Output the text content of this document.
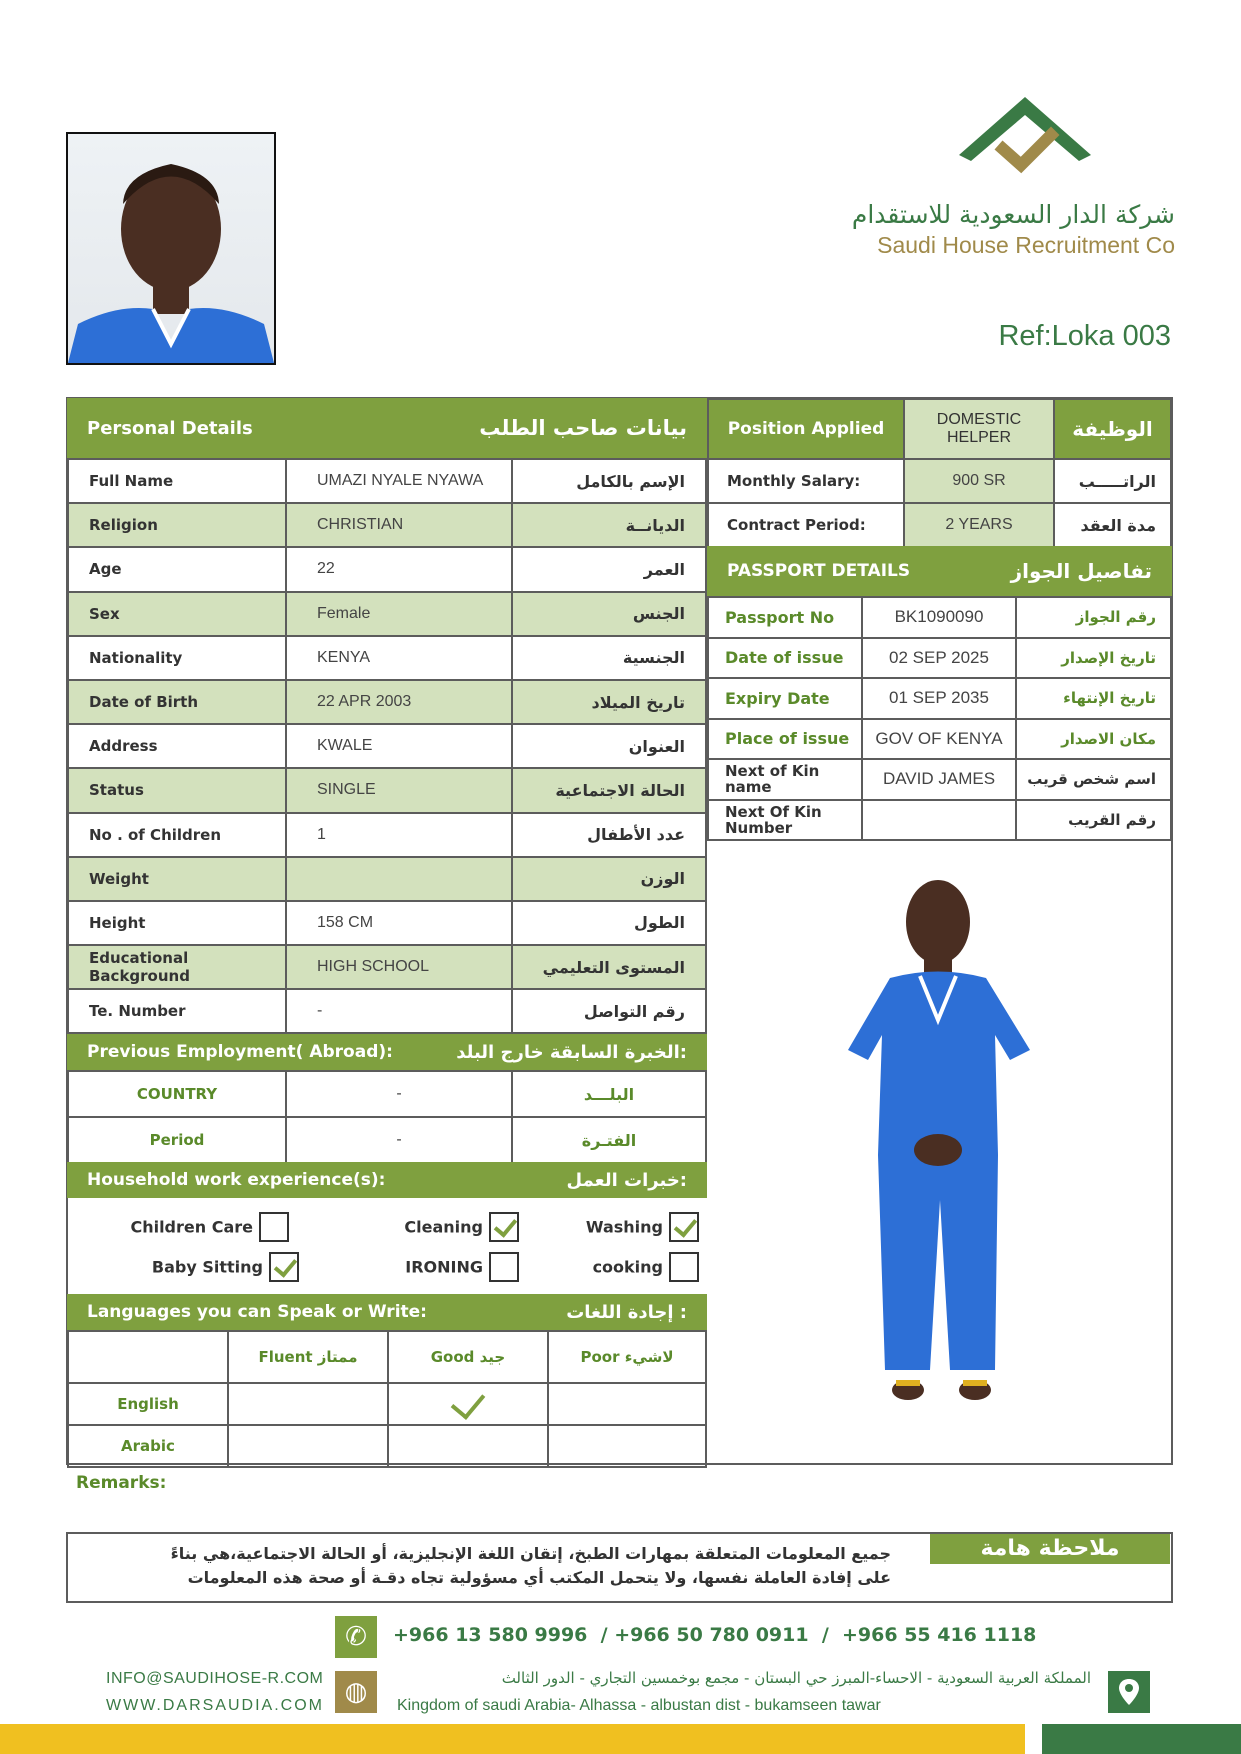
شركة الدار السعودية للاستقدام
Saudi House Recruitment Co
Ref:Loka 003
Personal Details	بيانات صاحب الطلب
Full Name	UMAZI NYALE NYAWA	الإسم بالكامل
Religion	CHRISTIAN	الديانــة
Age	22	العمر
Sex	Female	الجنس
Nationality	KENYA	الجنسية
Date of Birth	22 APR 2003	تاريخ الميلاد
Address	KWALE	العنوان
Status	SINGLE	الحالة الاجتماعية
No . of Children	1	عدد الأطفال
Weight		الوزن
Height	158 CM	الطول
Educational Background	HIGH SCHOOL	المستوى التعليمي
Te. Number	-	رقم التواصل
Position Applied	DOMESTIC HELPER	الوظيفة
Monthly Salary:	900 SR	الراتـــــب
Contract Period:	2 YEARS	مدة العقد
PASSPORT DETAILS	تفاصيل الجواز
Passport No	BK1090090	رقم الجواز
Date of issue	02 SEP 2025	تاريخ الإصدار
Expiry Date	01 SEP 2035	تاريخ الإنتهاء
Place of issue	GOV OF KENYA	مكان الاصدار
Next of Kin name	DAVID JAMES	اسم شخص قريب
Next Of Kin Number		رقم القريب
Previous Employment( Abroad):	الخبرة السابقة خارج البلد:
COUNTRY	-	البلـــد
Period	-	الفتـرة
Household work experience(s):	خبرات العمل:
Children Care	Cleaning	Washing
Baby Sitting	IRONING	cooking
Languages you can Speak or Write:	إجادة اللغات :
	Fluent ممتاز	Good جيد	Poor لاشيء
English			
Arabic			
Remarks:
ملاحظة هامة
جميع المعلومات المتعلقة بمهارات الطبخ، إتقان اللغة الإنجليزية، أو الحالة الاجتماعية،هي بناءً
على إفادة العاملة نفسها، ولا يتحمل المكتب أي مسؤولية تجاه دقـة أو صحة هذه المعلومات
✆	+966 13 580 9996  / +966 50 780 0911  /  +966 55 416 1118
INFO@SAUDIHOSE-R.COM
WWW.DARSAUDIA.COM ◍	المملكة العربية السعودية - الاحساء-المبرز حي البستان - مجمع بوخمسين التجاري - الدور الثالث
Kingdom of saudi Arabia- Alhassa - albustan dist - bukamseen tawar
